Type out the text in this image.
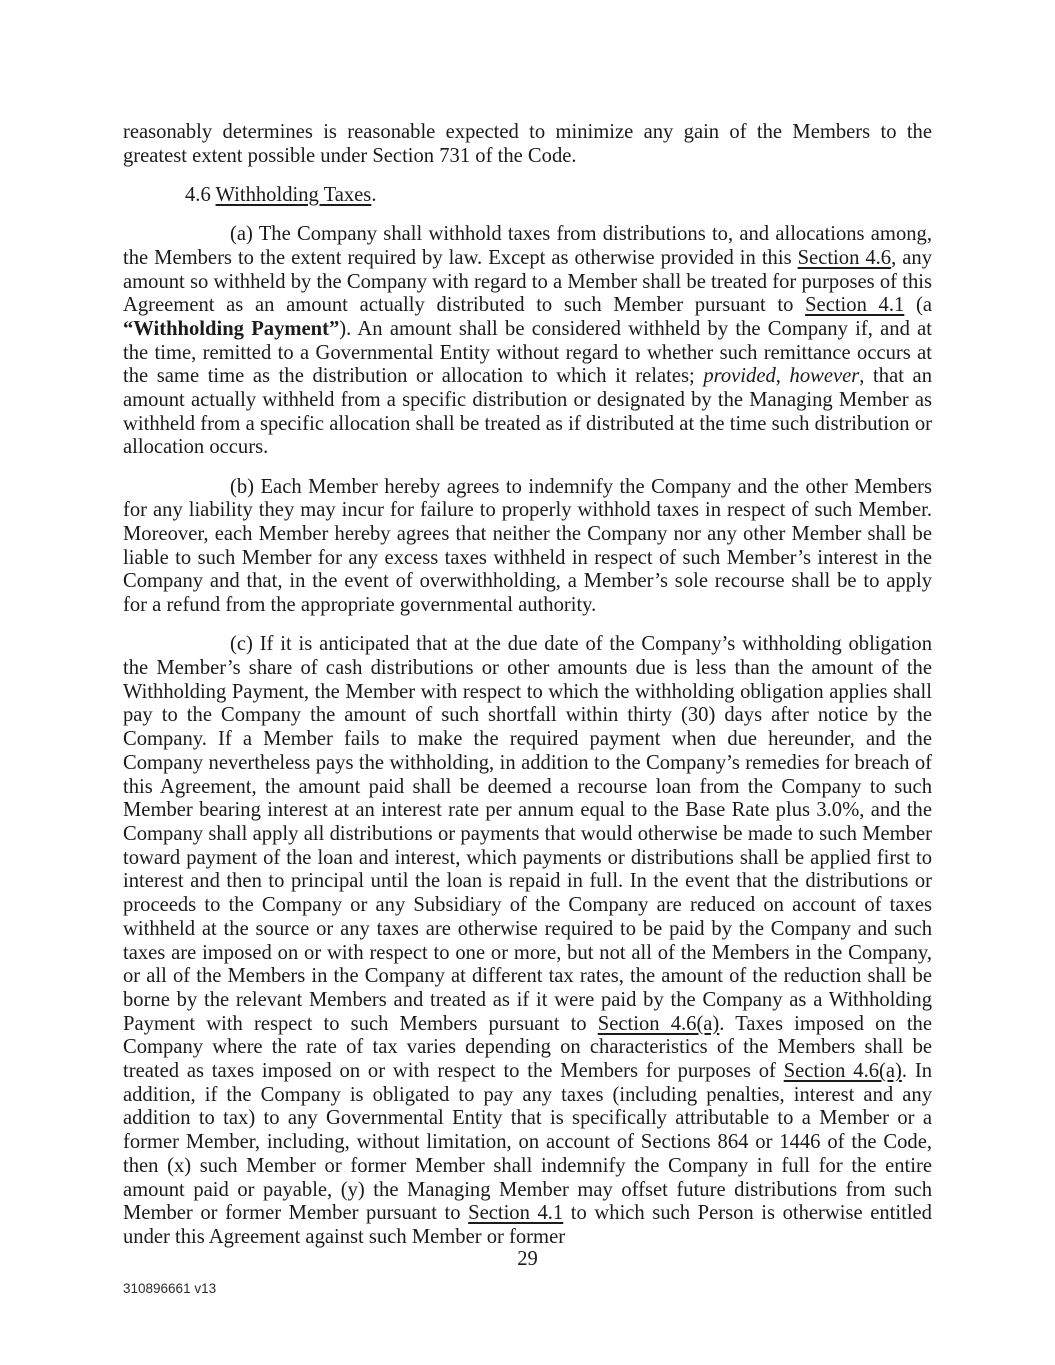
reasonably determines is reasonable expected to minimize any gain of the Members to the greatest extent possible under Section 731 of the Code.

4.6 Withholding Taxes.

(a) The Company shall withhold taxes from distributions to, and allocations among, the Members to the extent required by law. Except as otherwise provided in this Section 4.6, any amount so withheld by the Company with regard to a Member shall be treated for purposes of this Agreement as an amount actually distributed to such Member pursuant to Section 4.1 (a “Withholding Payment”). An amount shall be considered withheld by the Company if, and at the time, remitted to a Governmental Entity without regard to whether such remittance occurs at the same time as the distribution or allocation to which it relates; provided, however, that an amount actually withheld from a specific distribution or designated by the Managing Member as withheld from a specific allocation shall be treated as if distributed at the time such distribution or allocation occurs.

(b) Each Member hereby agrees to indemnify the Company and the other Members for any liability they may incur for failure to properly withhold taxes in respect of such Member. Moreover, each Member hereby agrees that neither the Company nor any other Member shall be liable to such Member for any excess taxes withheld in respect of such Member’s interest in the Company and that, in the event of overwithholding, a Member’s sole recourse shall be to apply for a refund from the appropriate governmental authority.

(c) If it is anticipated that at the due date of the Company’s withholding obligation the Member’s share of cash distributions or other amounts due is less than the amount of the Withholding Payment, the Member with respect to which the withholding obligation applies shall pay to the Company the amount of such shortfall within thirty (30) days after notice by the Company. If a Member fails to make the required payment when due hereunder, and the Company nevertheless pays the withholding, in addition to the Company’s remedies for breach of this Agreement, the amount paid shall be deemed a recourse loan from the Company to such Member bearing interest at an interest rate per annum equal to the Base Rate plus 3.0%, and the Company shall apply all distributions or payments that would otherwise be made to such Member toward payment of the loan and interest, which payments or distributions shall be applied first to interest and then to principal until the loan is repaid in full. In the event that the distributions or proceeds to the Company or any Subsidiary of the Company are reduced on account of taxes withheld at the source or any taxes are otherwise required to be paid by the Company and such taxes are imposed on or with respect to one or more, but not all of the Members in the Company, or all of the Members in the Company at different tax rates, the amount of the reduction shall be borne by the relevant Members and treated as if it were paid by the Company as a Withholding Payment with respect to such Members pursuant to Section 4.6(a). Taxes imposed on the Company where the rate of tax varies depending on characteristics of the Members shall be treated as taxes imposed on or with respect to the Members for purposes of Section 4.6(a). In addition, if the Company is obligated to pay any taxes (including penalties, interest and any addition to tax) to any Governmental Entity that is specifically attributable to a Member or a former Member, including, without limitation, on account of Sections 864 or 1446 of the Code, then (x) such Member or former Member shall indemnify the Company in full for the entire amount paid or payable, (y) the Managing Member may offset future distributions from such Member or former Member pursuant to Section 4.1 to which such Person is otherwise entitled under this Agreement against such Member or former

29
310896661 v13
